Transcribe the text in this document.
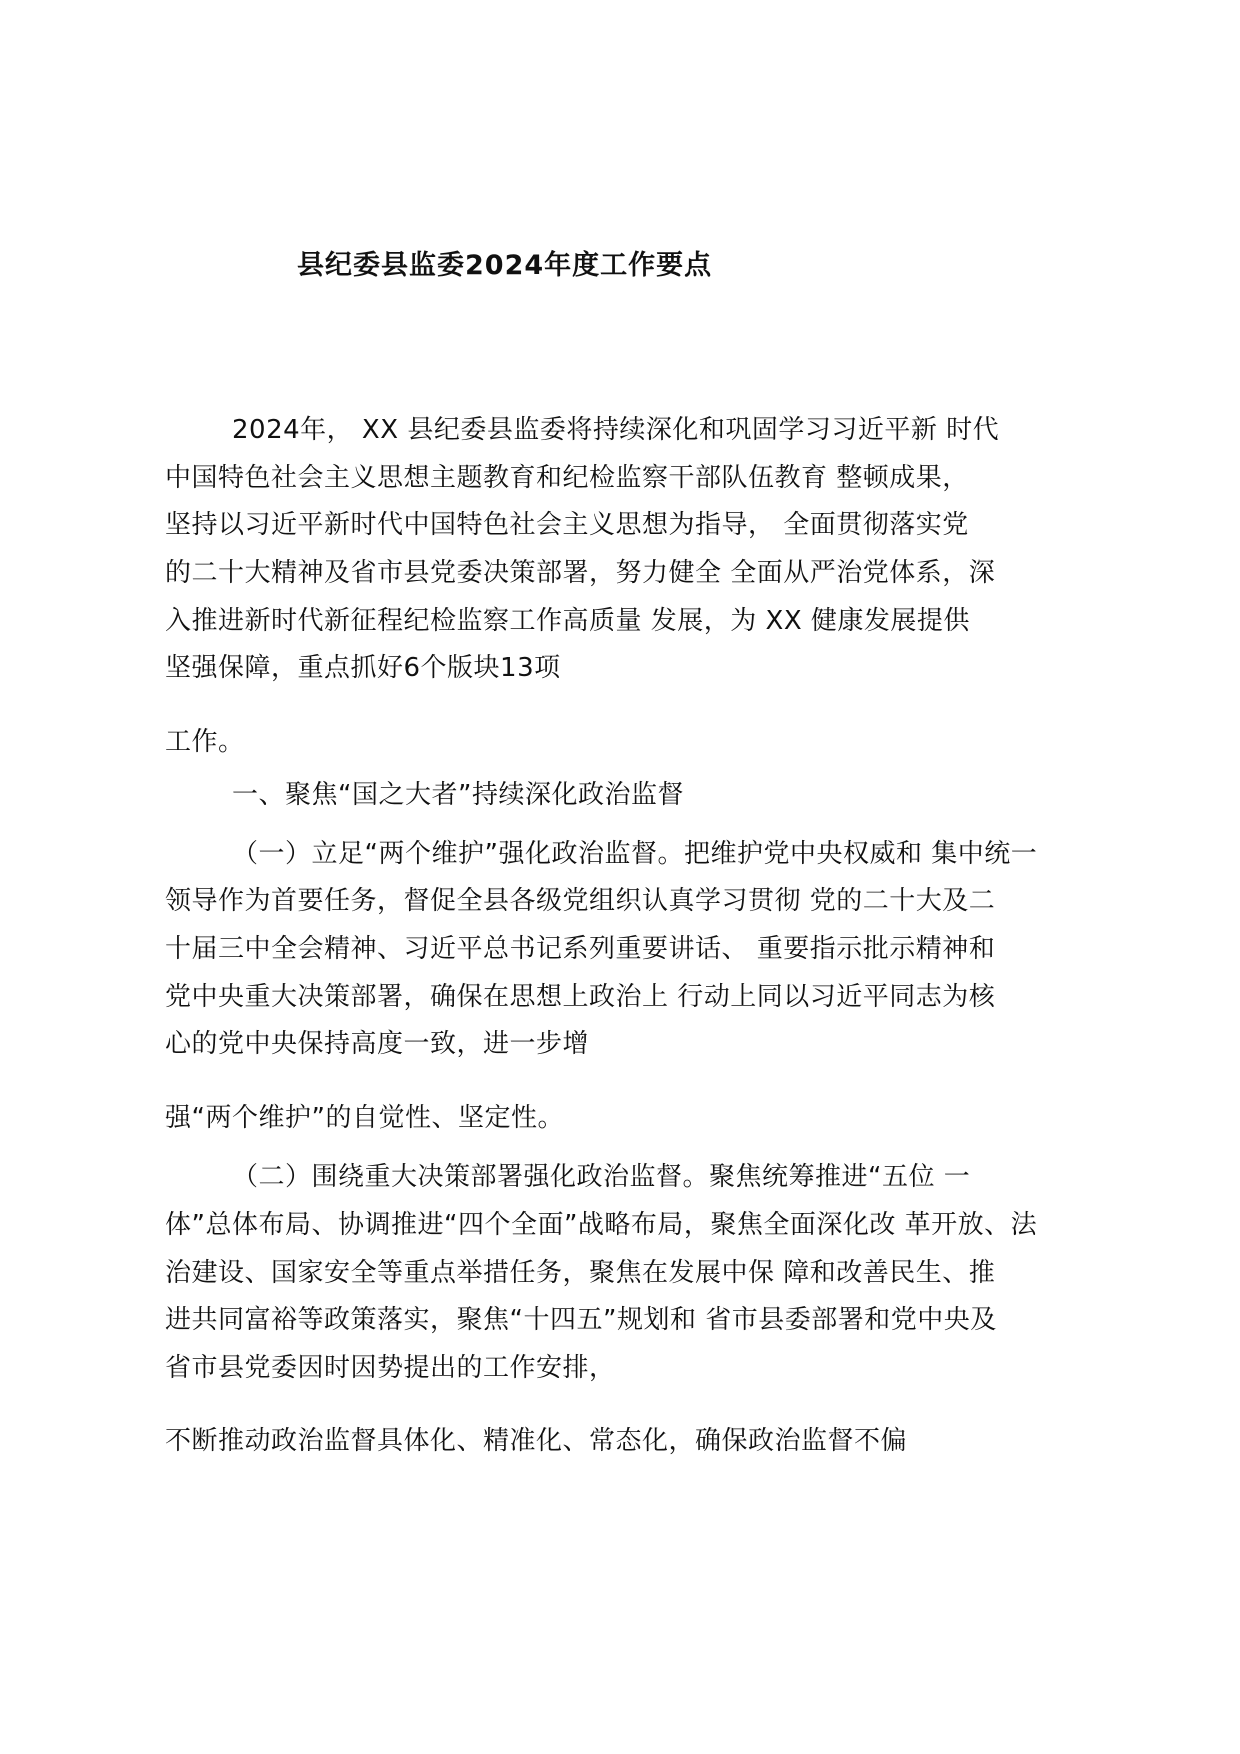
县纪委县监委2024年度工作要点
2024年， XX 县纪委县监委将持续深化和巩固学习习近平新 时代
中国特色社会主义思想主题教育和纪检监察干部队伍教育 整顿成果，
坚持以习近平新时代中国特色社会主义思想为指导， 全面贯彻落实党
的二十大精神及省市县党委决策部署，努力健全 全面从严治党体系，深
入推进新时代新征程纪检监察工作高质量 发展，为 XX 健康发展提供
坚强保障，重点抓好6个版块13项
工作。
一、聚焦“国之大者”持续深化政治监督
（一）立足“两个维护”强化政治监督。把维护党中央权威和 集中统一
领导作为首要任务，督促全县各级党组织认真学习贯彻 党的二十大及二
十届三中全会精神、习近平总书记系列重要讲话、 重要指示批示精神和
党中央重大决策部署，确保在思想上政治上 行动上同以习近平同志为核
心的党中央保持高度一致，进一步增
强“两个维护”的自觉性、坚定性。
（二）围绕重大决策部署强化政治监督。聚焦统筹推进“五位 一
体”总体布局、协调推进“四个全面”战略布局，聚焦全面深化改 革开放、法
治建设、国家安全等重点举措任务，聚焦在发展中保 障和改善民生、推
进共同富裕等政策落实，聚焦“十四五”规划和 省市县委部署和党中央及
省市县党委因时因势提出的工作安排，
不断推动政治监督具体化、精准化、常态化，确保政治监督不偏
